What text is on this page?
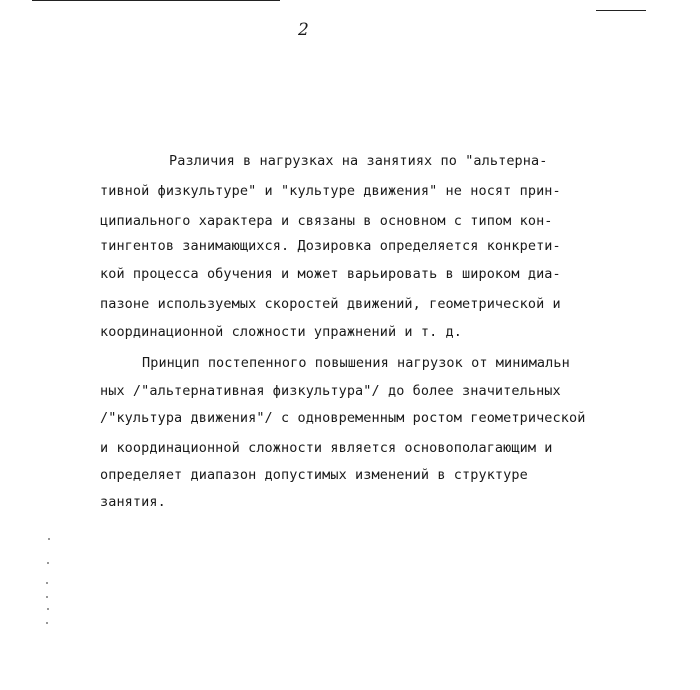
2
Различия в нагрузках на занятиях по "альтерна-
тивной физкультуре" и "культуре движения" не носят прин-
ципиального характера и связаны в основном с типом кон-
тингентов занимающихся. Дозировка определяется конкрети-
кой процесса обучения и может варьировать в широком диа-
пазоне используемых скоростей движений, геометрической и
координационной сложности упражнений и т. д.
Принцип постепенного повышения нагрузок от минимальн
ных /"альтернативная физкультура"/ до более значительных
/"культура движения"/ с одновременным ростом геометрической
и координационной сложности является основополагающим и
определяет диапазон допустимых изменений в структуре
занятия.
